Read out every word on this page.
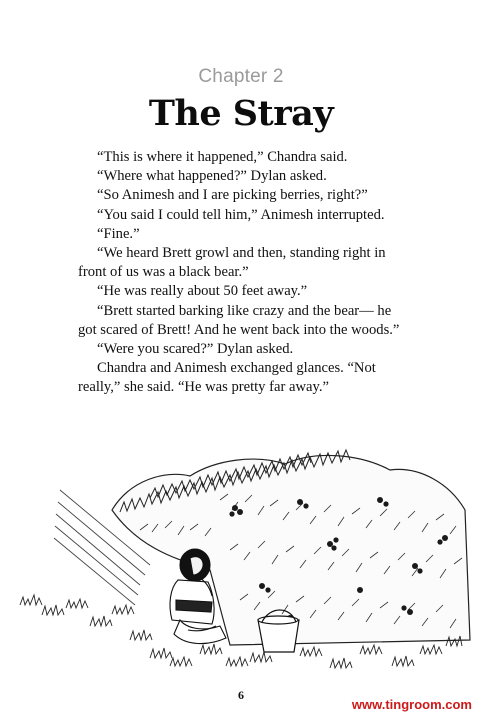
Chapter 2
The Stray

“This is where it happened,” Chandra said.

“Where what happened?” Dylan asked.

“So Animesh and I are picking berries, right?”

“You said I could tell him,” Animesh interrupted.

“Fine.”

“We heard Brett growl and then, standing right in front of us was a black bear.”

“He was really about 50 feet away.”

“Brett started barking like crazy and the bear— he got scared of Brett! And he went back into the woods.”

“Were you scared?” Dylan asked.

Chandra and Animesh exchanged glances. “Not really,” she said. “He was pretty far away.”

6
www.tingroom.com
